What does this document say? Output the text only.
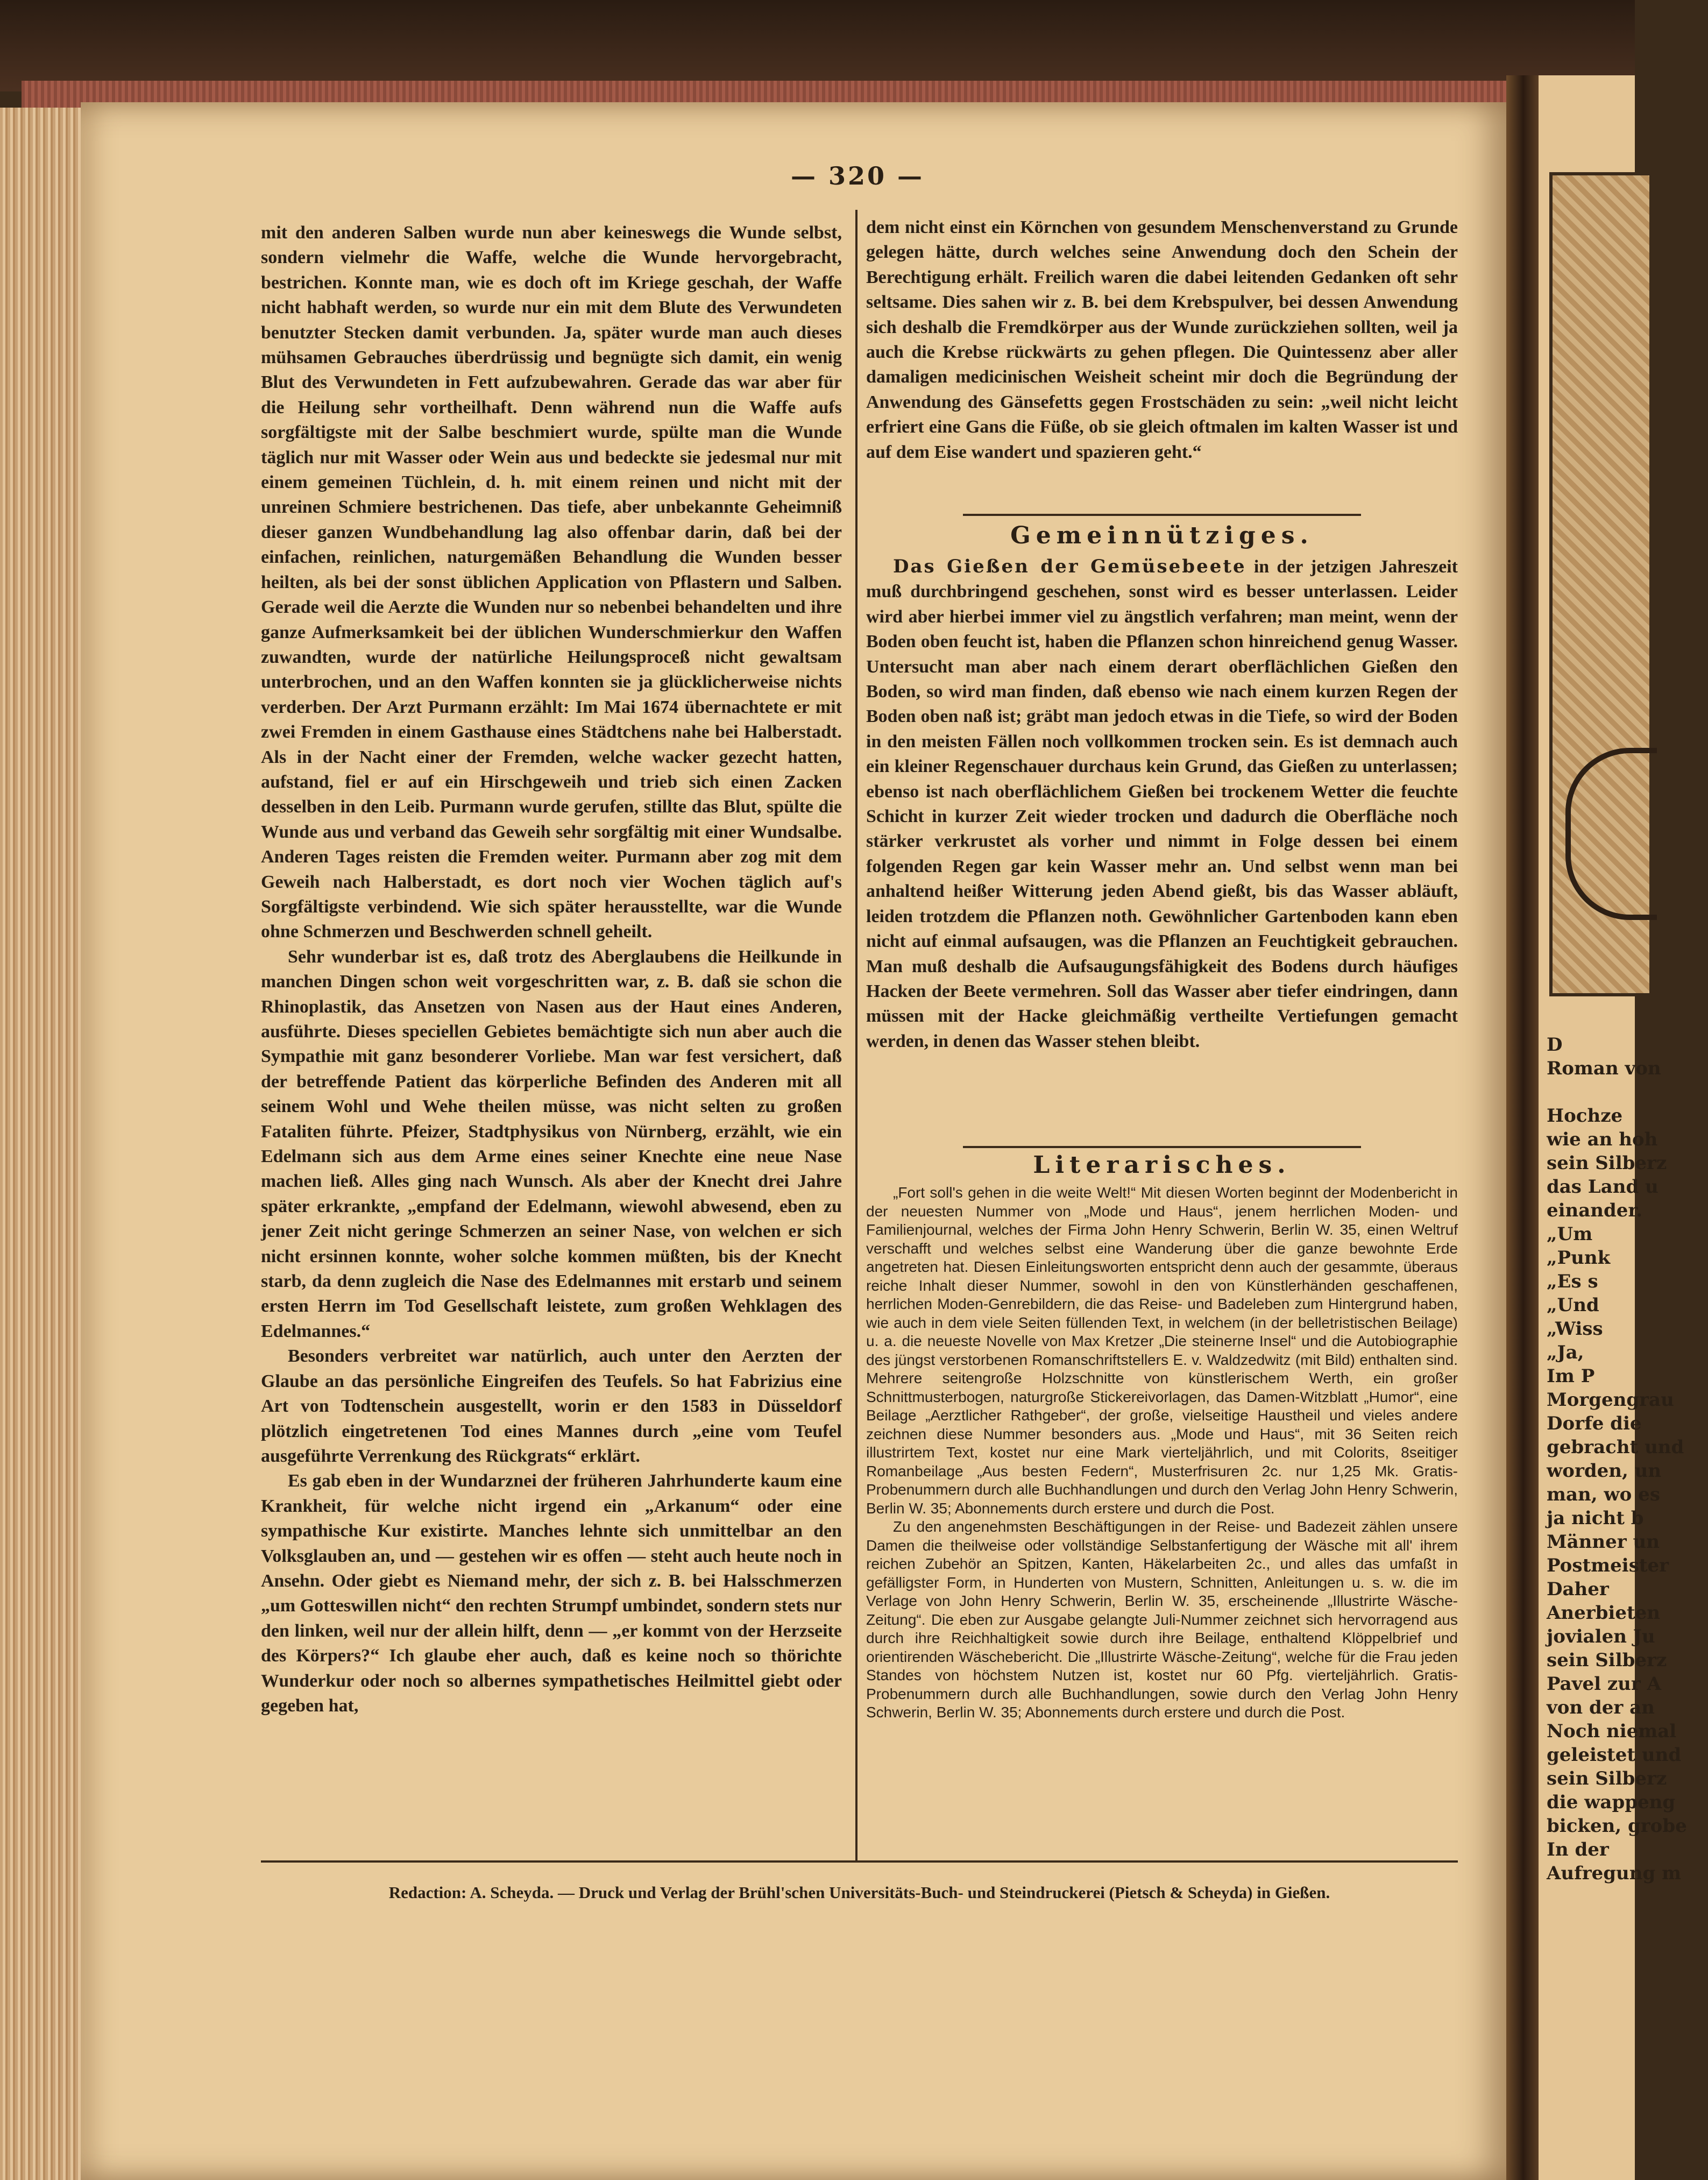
D
Roman von

Hochze
wie an hoh
sein Silberz
das Land u
einander.
„Um
„Punk
„Es s
„Und
„Wiss
„Ja,
Im P
Morgengrau
Dorfe die
gebracht und
worden, un
man, wo es
ja nicht b
Männer un
Postmeister
Daher
Anerbieten
jovialen Ju
sein Silberz
Pavel zur A
von der an
Noch niemal
geleistet und
sein Silberz
die wappeng
bicken, grobe
In der
Aufregung m
— 320 —

mit den anderen Salben wurde nun aber keineswegs die Wunde selbst, sondern vielmehr die Waffe, welche die Wunde hervorgebracht, bestrichen. Konnte man, wie es doch oft im Kriege geschah, der Waffe nicht habhaft werden, so wurde nur ein mit dem Blute des Verwundeten benutzter Stecken damit verbunden. Ja, später wurde man auch dieses mühsamen Gebrauches überdrüssig und begnügte sich damit, ein wenig Blut des Verwundeten in Fett aufzubewahren. Gerade das war aber für die Heilung sehr vortheilhaft. Denn während nun die Waffe aufs sorgfältigste mit der Salbe beschmiert wurde, spülte man die Wunde täglich nur mit Wasser oder Wein aus und bedeckte sie jedesmal nur mit einem gemeinen Tüchlein, d. h. mit einem reinen und nicht mit der unreinen Schmiere bestrichenen. Das tiefe, aber unbekannte Geheimniß dieser ganzen Wundbehandlung lag also offenbar darin, daß bei der einfachen, reinlichen, naturgemäßen Behandlung die Wunden besser heilten, als bei der sonst üblichen Application von Pflastern und Salben. Gerade weil die Aerzte die Wunden nur so nebenbei behandelten und ihre ganze Aufmerksamkeit bei der üblichen Wunderschmierkur den Waffen zuwandten, wurde der natürliche Heilungsproceß nicht gewaltsam unterbrochen, und an den Waffen konnten sie ja glücklicherweise nichts verderben. Der Arzt Purmann erzählt: Im Mai 1674 übernachtete er mit zwei Fremden in einem Gasthause eines Städtchens nahe bei Halberstadt. Als in der Nacht einer der Fremden, welche wacker gezecht hatten, aufstand, fiel er auf ein Hirschgeweih und trieb sich einen Zacken desselben in den Leib. Purmann wurde gerufen, stillte das Blut, spülte die Wunde aus und verband das Geweih sehr sorgfältig mit einer Wundsalbe. Anderen Tages reisten die Fremden weiter. Purmann aber zog mit dem Geweih nach Halberstadt, es dort noch vier Wochen täglich auf's Sorgfältigste verbindend. Wie sich später herausstellte, war die Wunde ohne Schmerzen und Beschwerden schnell geheilt.

Sehr wunderbar ist es, daß trotz des Aberglaubens die Heilkunde in manchen Dingen schon weit vorgeschritten war, z. B. daß sie schon die Rhinoplastik, das Ansetzen von Nasen aus der Haut eines Anderen, ausführte. Dieses speciellen Gebietes bemächtigte sich nun aber auch die Sympathie mit ganz besonderer Vorliebe. Man war fest versichert, daß der betreffende Patient das körperliche Befinden des Anderen mit all seinem Wohl und Wehe theilen müsse, was nicht selten zu großen Fataliten führte. Pfeizer, Stadtphysikus von Nürnberg, erzählt, wie ein Edelmann sich aus dem Arme eines seiner Knechte eine neue Nase machen ließ. Alles ging nach Wunsch. Als aber der Knecht drei Jahre später erkrankte, „empfand der Edelmann, wiewohl abwesend, eben zu jener Zeit nicht geringe Schmerzen an seiner Nase, von welchen er sich nicht ersinnen konnte, woher solche kommen müßten, bis der Knecht starb, da denn zugleich die Nase des Edelmannes mit erstarb und seinem ersten Herrn im Tod Gesellschaft leistete, zum großen Wehklagen des Edelmannes.“

Besonders verbreitet war natürlich, auch unter den Aerzten der Glaube an das persönliche Eingreifen des Teufels. So hat Fabrizius eine Art von Todtenschein ausgestellt, worin er den 1583 in Düsseldorf plötzlich eingetretenen Tod eines Mannes durch „eine vom Teufel ausgeführte Verrenkung des Rückgrats“ erklärt.

Es gab eben in der Wundarznei der früheren Jahrhunderte kaum eine Krankheit, für welche nicht irgend ein „Arkanum“ oder eine sympathische Kur existirte. Manches lehnte sich unmittelbar an den Volksglauben an, und — gestehen wir es offen — steht auch heute noch in Ansehn. Oder giebt es Niemand mehr, der sich z. B. bei Halsschmerzen „um Gotteswillen nicht“ den rechten Strumpf umbindet, sondern stets nur den linken, weil nur der allein hilft, denn — „er kommt von der Herzseite des Körpers?“ Ich glaube eher auch, daß es keine noch so thörichte Wunderkur oder noch so albernes sympathetisches Heilmittel giebt oder gegeben hat,

dem nicht einst ein Körnchen von gesundem Menschenverstand zu Grunde gelegen hätte, durch welches seine Anwendung doch den Schein der Berechtigung erhält. Freilich waren die dabei leitenden Gedanken oft sehr seltsame. Dies sahen wir z. B. bei dem Krebspulver, bei dessen Anwendung sich deshalb die Fremdkörper aus der Wunde zurückziehen sollten, weil ja auch die Krebse rückwärts zu gehen pflegen. Die Quintessenz aber aller damaligen medicinischen Weisheit scheint mir doch die Begründung der Anwendung des Gänsefetts gegen Frostschäden zu sein: „weil nicht leicht erfriert eine Gans die Füße, ob sie gleich oftmalen im kalten Wasser ist und auf dem Eise wandert und spazieren geht.“

Gemeinnütziges.

Das Gießen der Gemüsebeete in der jetzigen Jahreszeit muß durchbringend geschehen, sonst wird es besser unterlassen. Leider wird aber hierbei immer viel zu ängstlich verfahren; man meint, wenn der Boden oben feucht ist, haben die Pflanzen schon hinreichend genug Wasser. Untersucht man aber nach einem derart oberflächlichen Gießen den Boden, so wird man finden, daß ebenso wie nach einem kurzen Regen der Boden oben naß ist; gräbt man jedoch etwas in die Tiefe, so wird der Boden in den meisten Fällen noch vollkommen trocken sein. Es ist demnach auch ein kleiner Regenschauer durchaus kein Grund, das Gießen zu unterlassen; ebenso ist nach oberflächlichem Gießen bei trockenem Wetter die feuchte Schicht in kurzer Zeit wieder trocken und dadurch die Oberfläche noch stärker verkrustet als vorher und nimmt in Folge dessen bei einem folgenden Regen gar kein Wasser mehr an. Und selbst wenn man bei anhaltend heißer Witterung jeden Abend gießt, bis das Wasser abläuft, leiden trotzdem die Pflanzen noth. Gewöhnlicher Gartenboden kann eben nicht auf einmal aufsaugen, was die Pflanzen an Feuchtigkeit gebrauchen. Man muß deshalb die Aufsaugungsfähigkeit des Bodens durch häufiges Hacken der Beete vermehren. Soll das Wasser aber tiefer eindringen, dann müssen mit der Hacke gleichmäßig vertheilte Vertiefungen gemacht werden, in denen das Wasser stehen bleibt.

Literarisches.

„Fort soll's gehen in die weite Welt!“ Mit diesen Worten beginnt der Modenbericht in der neuesten Nummer von „Mode und Haus“, jenem herrlichen Moden- und Familienjournal, welches der Firma John Henry Schwerin, Berlin W. 35, einen Weltruf verschafft und welches selbst eine Wanderung über die ganze bewohnte Erde angetreten hat. Diesen Einleitungsworten entspricht denn auch der gesammte, überaus reiche Inhalt dieser Nummer, sowohl in den von Künstlerhänden geschaffenen, herrlichen Moden-Genrebildern, die das Reise- und Badeleben zum Hintergrund haben, wie auch in dem viele Seiten füllenden Text, in welchem (in der belletristischen Beilage) u. a. die neueste Novelle von Max Kretzer „Die steinerne Insel“ und die Autobiographie des jüngst verstorbenen Romanschriftstellers E. v. Waldzedwitz (mit Bild) enthalten sind. Mehrere seitengroße Holzschnitte von künstlerischem Werth, ein großer Schnittmusterbogen, naturgroße Stickereivorlagen, das Damen-Witzblatt „Humor“, eine Beilage „Aerztlicher Rathgeber“, der große, vielseitige Haustheil und vieles andere zeichnen diese Nummer besonders aus. „Mode und Haus“, mit 36 Seiten reich illustrirtem Text, kostet nur eine Mark vierteljährlich, und mit Colorits, 8seitiger Romanbeilage „Aus besten Federn“, Musterfrisuren 2c. nur 1,25 Mk. Gratis-Probenummern durch alle Buchhandlungen und durch den Verlag John Henry Schwerin, Berlin W. 35; Abonnements durch erstere und durch die Post.

Zu den angenehmsten Beschäftigungen in der Reise- und Badezeit zählen unsere Damen die theilweise oder vollständige Selbstanfertigung der Wäsche mit all' ihrem reichen Zubehör an Spitzen, Kanten, Häkelarbeiten 2c., und alles das umfaßt in gefälligster Form, in Hunderten von Mustern, Schnitten, Anleitungen u. s. w. die im Verlage von John Henry Schwerin, Berlin W. 35, erscheinende „Illustrirte Wäsche-Zeitung“. Die eben zur Ausgabe gelangte Juli-Nummer zeichnet sich hervorragend aus durch ihre Reichhaltigkeit sowie durch ihre Beilage, enthaltend Klöppelbrief und orientirenden Wäschebericht. Die „Illustrirte Wäsche-Zeitung“, welche für die Frau jeden Standes von höchstem Nutzen ist, kostet nur 60 Pfg. vierteljährlich. Gratis-Probenummern durch alle Buchhandlungen, sowie durch den Verlag John Henry Schwerin, Berlin W. 35; Abonnements durch erstere und durch die Post.

Redaction: A. Scheyda. — Druck und Verlag der Brühl'schen Universitäts-Buch- und Steindruckerei (Pietsch & Scheyda) in Gießen.
